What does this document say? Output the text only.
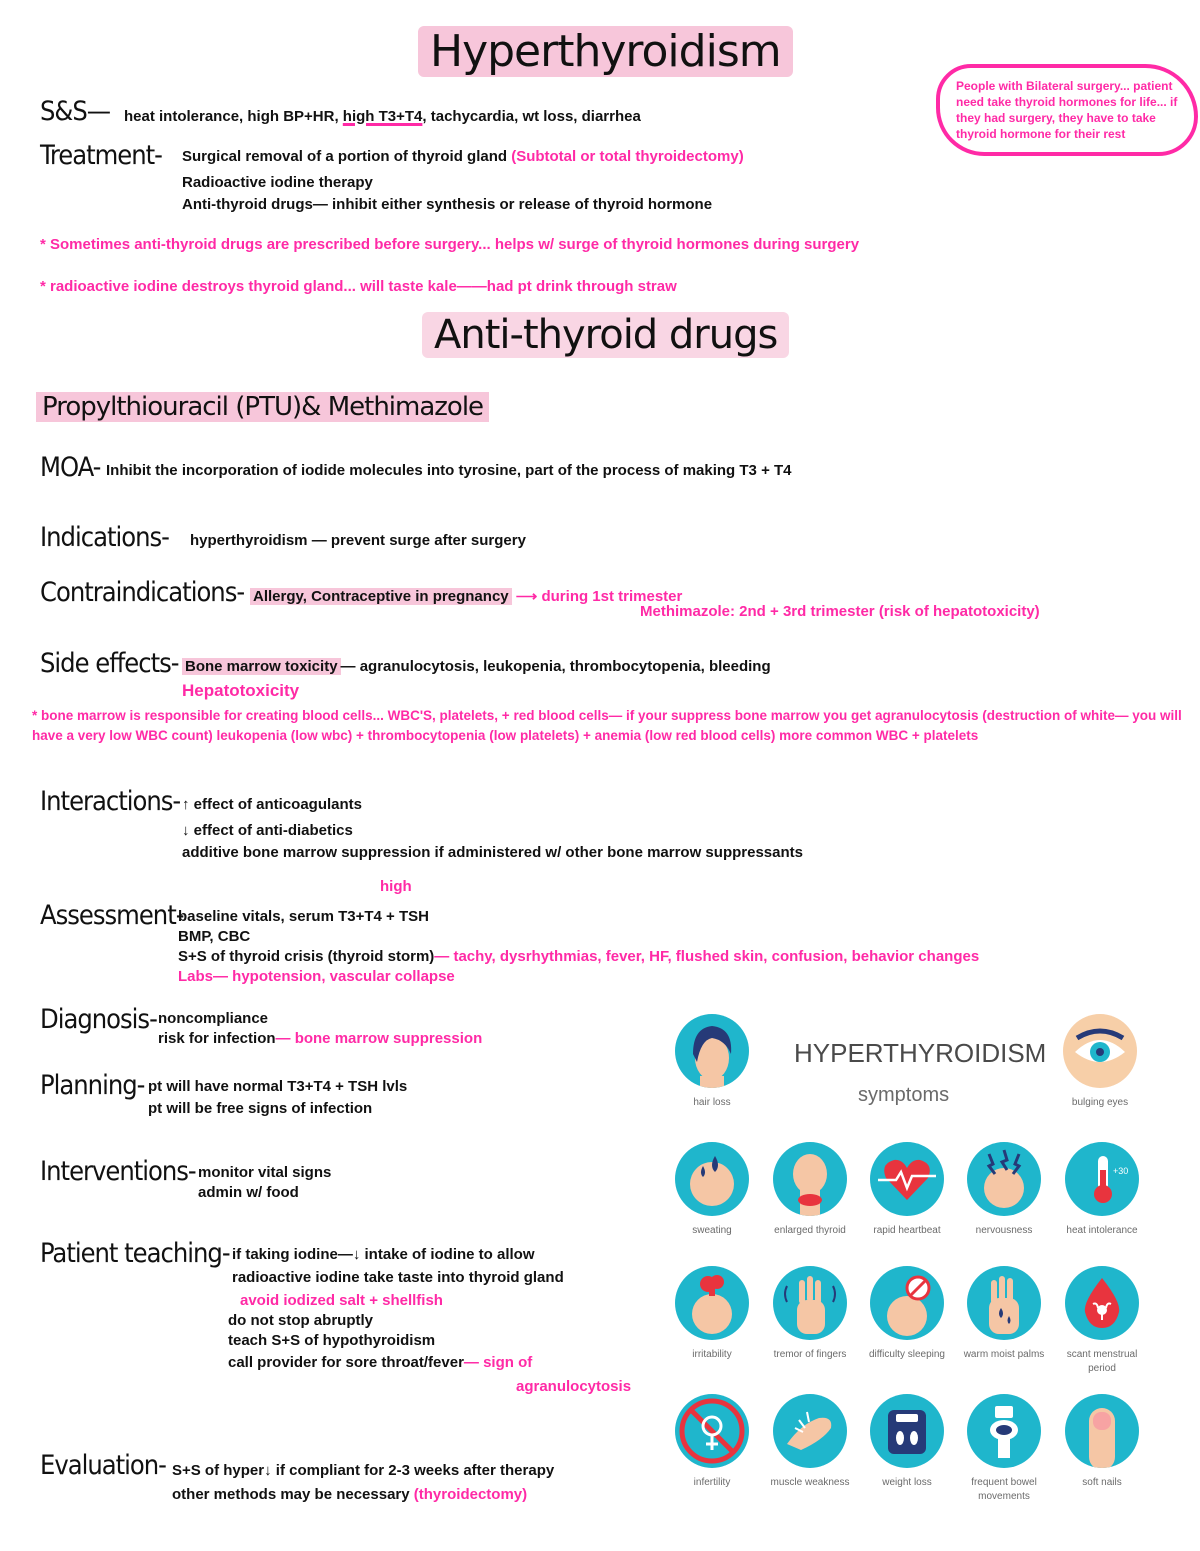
Hyperthyroidism
Anti-thyroid drugs
People with Bilateral surgery... patient need take thyroid hormones for life... if they had surgery, they have to take thyroid hormone for their rest
S&S— heat intolerance, high BP+HR, high T3+T4, tachycardia, wt loss, diarrhea
Treatment- Surgical removal of a portion of thyroid gland (Subtotal or total thyroidectomy)
Radioactive iodine therapy
Anti-thyroid drugs— inhibit either synthesis or release of thyroid hormone
* Sometimes anti-thyroid drugs are prescribed before surgery... helps w/ surge of thyroid hormones during surgery
* radioactive iodine destroys thyroid gland... will taste kale——had pt drink through straw
Propylthiouracil (PTU)& Methimazole
MOA- Inhibit the incorporation of iodide molecules into tyrosine, part of the process of making T3 + T4
Indications- hyperthyroidism — prevent surge after surgery
Contraindications- Allergy, Contraceptive in pregnancy ⟶ during 1st trimester
Methimazole: 2nd + 3rd trimester (risk of hepatotoxicity)
Side effects- Bone marrow toxicity — agranulocytosis, leukopenia, thrombocytopenia, bleeding
Hepatotoxicity
* bone marrow is responsible for creating blood cells... WBC'S, platelets, + red blood cells— if your suppress bone marrow you get agranulocytosis (destruction of white— you will have a very low WBC count) leukopenia (low wbc) + thrombocytopenia (low platelets) + anemia (low red blood cells) more common WBC + platelets
Interactions- ↑ effect of anticoagulants
↓ effect of anti-diabetics
additive bone marrow suppression if administered w/ other bone marrow suppressants
high
Assessment-
baseline vitals, serum T3+T4 + TSH
BMP, CBC
S+S of thyroid crisis (thyroid storm)— tachy, dysrhythmias, fever, HF, flushed skin, confusion, behavior changes
Labs— hypotension, vascular collapse
Diagnosis- noncompliance
risk for infection— bone marrow suppression
Planning- pt will have normal T3+T4 + TSH lvls
pt will be free signs of infection
Interventions- monitor vital signs
admin w/ food
Patient teaching- if taking iodine—↓ intake of iodine to allow
radioactive iodine take taste into thyroid gland
avoid iodized salt + shellfish
do not stop abruptly
teach S+S of hypothyroidism
call provider for sore throat/fever— sign of
agranulocytosis
Evaluation- S+S of hyper↓ if compliant for 2-3 weeks after therapy
other methods may be necessary (thyroidectomy)
HYPERTHYROIDISM
symptoms
hair loss	bulging eyes
sweating	enlarged thyroid	rapid heartbeat	nervousness
+30
heat intolerance
irritability	tremor of fingers	difficulty sleeping	warm moist palms	scant menstrual period
infertility	muscle weakness	weight loss	frequent bowel movements
soft nails
